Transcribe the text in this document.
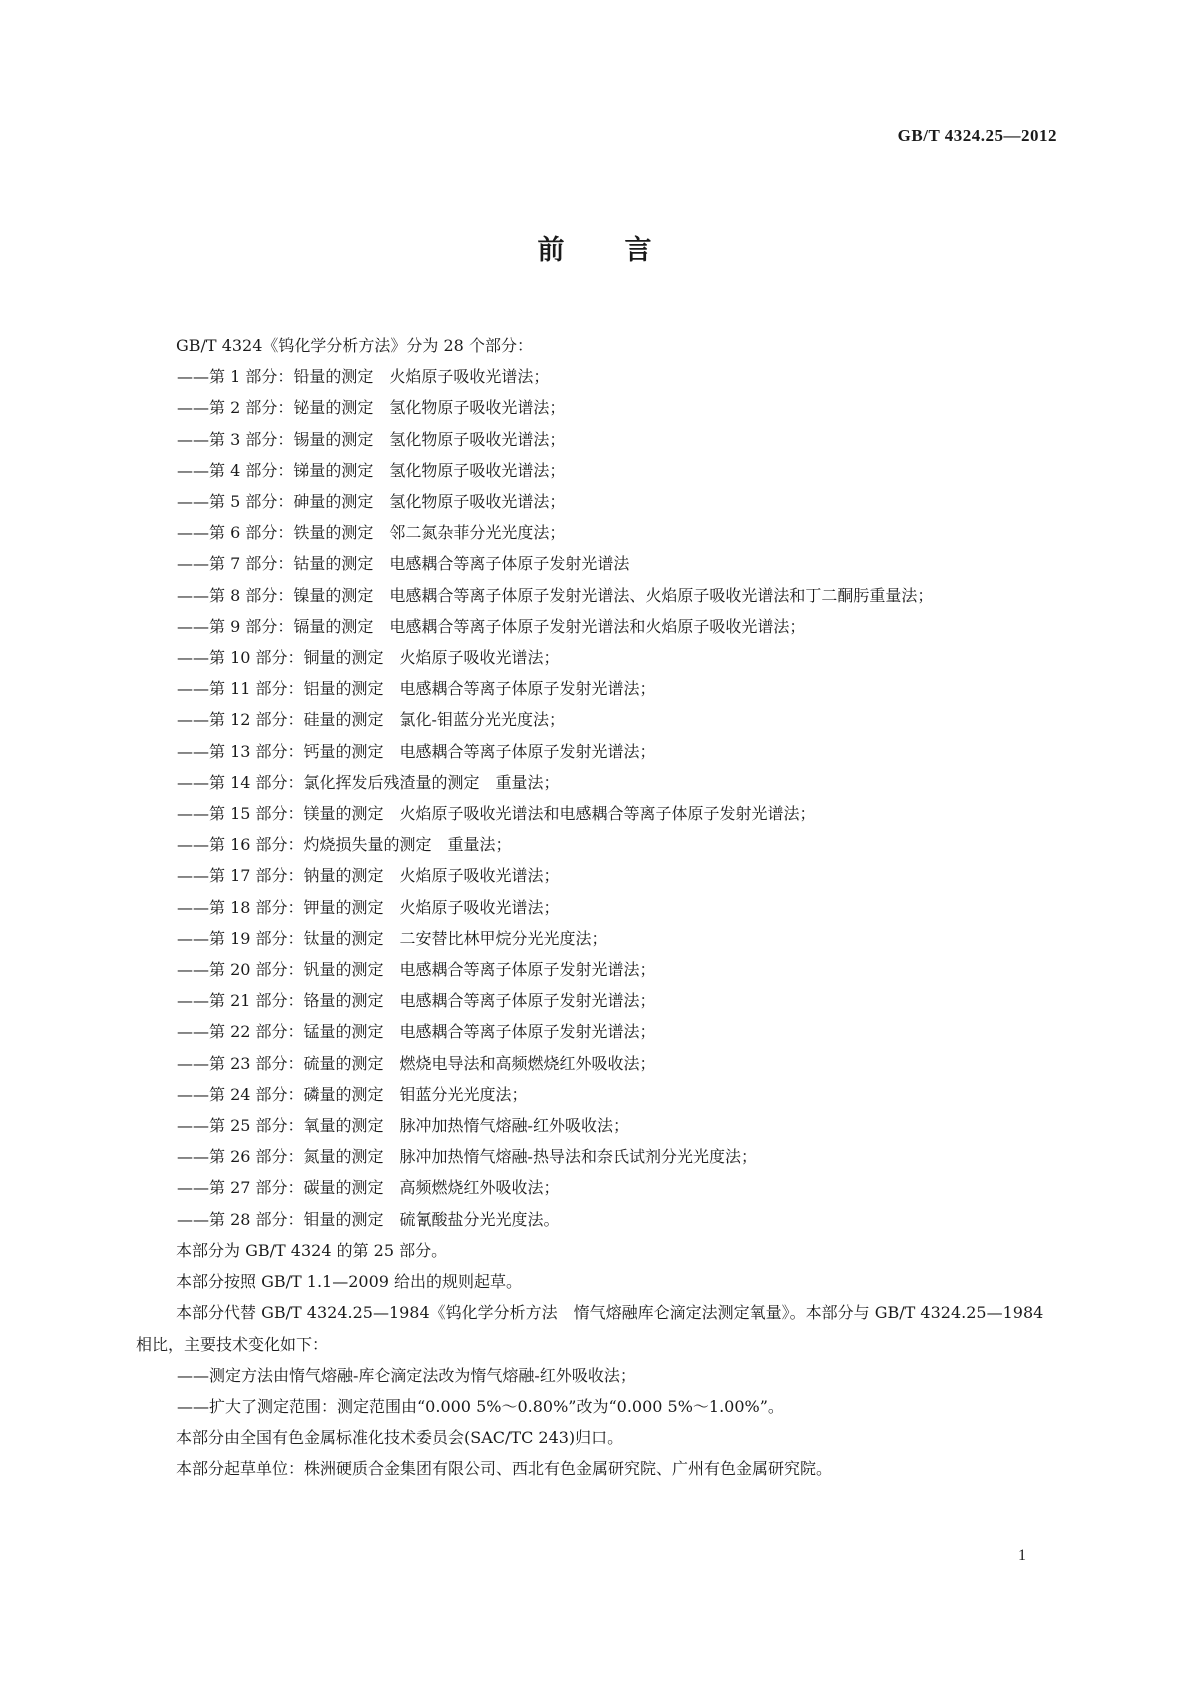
GB/T 4324.25—2012
前　　言

GB/T 4324《钨化学分析方法》分为 28 个部分：

——第 1 部分：铅量的测定　火焰原子吸收光谱法；

——第 2 部分：铋量的测定　氢化物原子吸收光谱法；

——第 3 部分：锡量的测定　氢化物原子吸收光谱法；

——第 4 部分：锑量的测定　氢化物原子吸收光谱法；

——第 5 部分：砷量的测定　氢化物原子吸收光谱法；

——第 6 部分：铁量的测定　邻二氮杂菲分光光度法；

——第 7 部分：钴量的测定　电感耦合等离子体原子发射光谱法

——第 8 部分：镍量的测定　电感耦合等离子体原子发射光谱法、火焰原子吸收光谱法和丁二酮肟重量法；

——第 9 部分：镉量的测定　电感耦合等离子体原子发射光谱法和火焰原子吸收光谱法；

——第 10 部分：铜量的测定　火焰原子吸收光谱法；

——第 11 部分：铝量的测定　电感耦合等离子体原子发射光谱法；

——第 12 部分：硅量的测定　氯化-钼蓝分光光度法；

——第 13 部分：钙量的测定　电感耦合等离子体原子发射光谱法；

——第 14 部分：氯化挥发后残渣量的测定　重量法；

——第 15 部分：镁量的测定　火焰原子吸收光谱法和电感耦合等离子体原子发射光谱法；

——第 16 部分：灼烧损失量的测定　重量法；

——第 17 部分：钠量的测定　火焰原子吸收光谱法；

——第 18 部分：钾量的测定　火焰原子吸收光谱法；

——第 19 部分：钛量的测定　二安替比林甲烷分光光度法；

——第 20 部分：钒量的测定　电感耦合等离子体原子发射光谱法；

——第 21 部分：铬量的测定　电感耦合等离子体原子发射光谱法；

——第 22 部分：锰量的测定　电感耦合等离子体原子发射光谱法；

——第 23 部分：硫量的测定　燃烧电导法和高频燃烧红外吸收法；

——第 24 部分：磷量的测定　钼蓝分光光度法；

——第 25 部分：氧量的测定　脉冲加热惰气熔融-红外吸收法；

——第 26 部分：氮量的测定　脉冲加热惰气熔融-热导法和奈氏试剂分光光度法；

——第 27 部分：碳量的测定　高频燃烧红外吸收法；

——第 28 部分：钼量的测定　硫氰酸盐分光光度法。

本部分为 GB/T 4324 的第 25 部分。

本部分按照 GB/T 1.1—2009 给出的规则起草。

本部分代替 GB/T 4324.25—1984《钨化学分析方法　惰气熔融库仑滴定法测定氧量》。本部分与 GB/T 4324.25—1984 相比，主要技术变化如下：

——测定方法由惰气熔融-库仑滴定法改为惰气熔融-红外吸收法；

——扩大了测定范围：测定范围由“0.000 5%～0.80%”改为“0.000 5%～1.00%”。

本部分由全国有色金属标准化技术委员会(SAC/TC 243)归口。

本部分起草单位：株洲硬质合金集团有限公司、西北有色金属研究院、广州有色金属研究院。

1
